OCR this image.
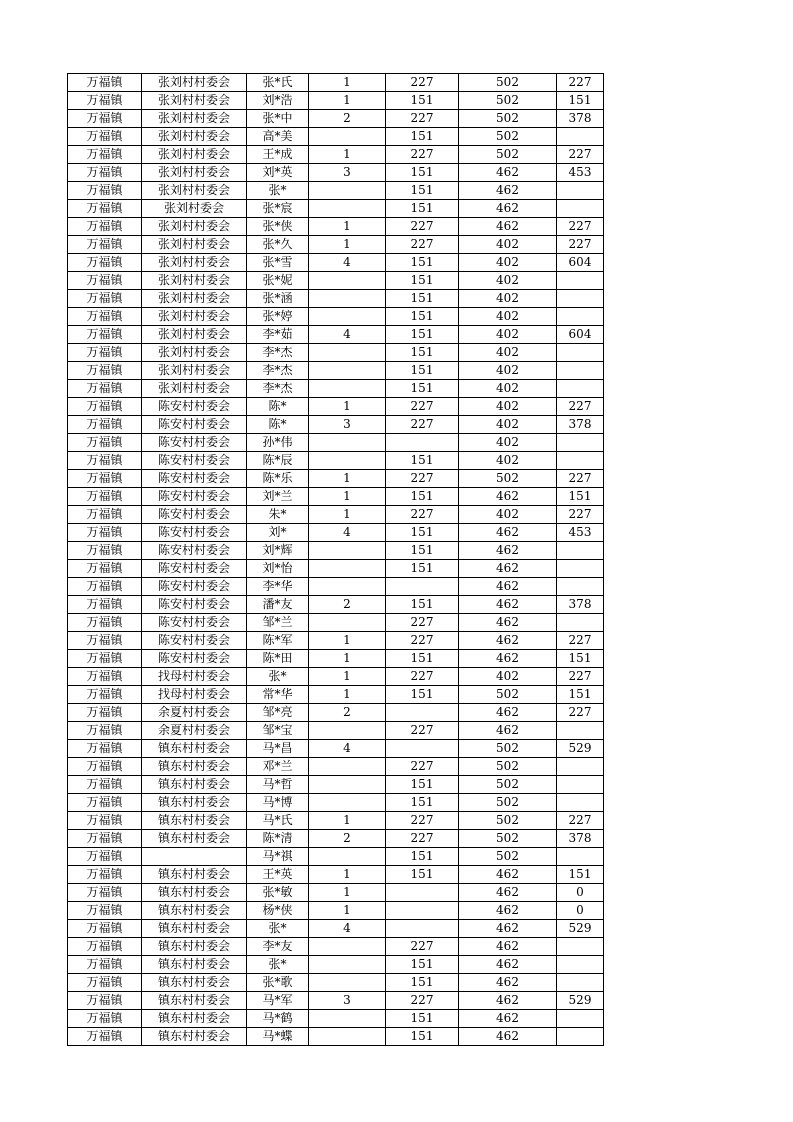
万福镇	张刘村村委会	张*氏	1	227	502	227
万福镇	张刘村村委会	刘*浩	1	151	502	151
万福镇	张刘村村委会	张*中	2	227	502	378
万福镇	张刘村村委会	高*美		151	502	
万福镇	张刘村村委会	王*成	1	227	502	227
万福镇	张刘村村委会	刘*英	3	151	462	453
万福镇	张刘村村委会	张*		151	462	
万福镇	张刘村委会	张*宸		151	462	
万福镇	张刘村村委会	张*侠	1	227	462	227
万福镇	张刘村村委会	张*久	1	227	402	227
万福镇	张刘村村委会	张*雪	4	151	402	604
万福镇	张刘村村委会	张*妮		151	402	
万福镇	张刘村村委会	张*涵		151	402	
万福镇	张刘村村委会	张*婷		151	402	
万福镇	张刘村村委会	李*茹	4	151	402	604
万福镇	张刘村村委会	李*杰		151	402	
万福镇	张刘村村委会	李*杰		151	402	
万福镇	张刘村村委会	李*杰		151	402	
万福镇	陈安村村委会	陈*	1	227	402	227
万福镇	陈安村村委会	陈*	3	227	402	378
万福镇	陈安村村委会	孙*伟			402	
万福镇	陈安村村委会	陈*辰		151	402	
万福镇	陈安村村委会	陈*乐	1	227	502	227
万福镇	陈安村村委会	刘*兰	1	151	462	151
万福镇	陈安村村委会	朱*	1	227	402	227
万福镇	陈安村村委会	刘*	4	151	462	453
万福镇	陈安村村委会	刘*辉		151	462	
万福镇	陈安村村委会	刘*怡		151	462	
万福镇	陈安村村委会	李*华			462	
万福镇	陈安村村委会	潘*友	2	151	462	378
万福镇	陈安村村委会	邹*兰		227	462	
万福镇	陈安村村委会	陈*军	1	227	462	227
万福镇	陈安村村委会	陈*田	1	151	462	151
万福镇	找母村村委会	张*	1	227	402	227
万福镇	找母村村委会	常*华	1	151	502	151
万福镇	余夏村村委会	邹*亮	2		462	227
万福镇	余夏村村委会	邹*宝		227	462	
万福镇	镇东村村委会	马*昌	4		502	529
万福镇	镇东村村委会	邓*兰		227	502	
万福镇	镇东村村委会	马*哲		151	502	
万福镇	镇东村村委会	马*博		151	502	
万福镇	镇东村村委会	马*氏	1	227	502	227
万福镇	镇东村村委会	陈*清	2	227	502	378
万福镇		马*祺		151	502	
万福镇	镇东村村委会	王*英	1	151	462	151
万福镇	镇东村村委会	张*敏	1		462	0
万福镇	镇东村村委会	杨*侠	1		462	0
万福镇	镇东村村委会	张*	4		462	529
万福镇	镇东村村委会	李*友		227	462	
万福镇	镇东村村委会	张*		151	462	
万福镇	镇东村村委会	张*歌		151	462	
万福镇	镇东村村委会	马*军	3	227	462	529
万福镇	镇东村村委会	马*鹤		151	462	
万福镇	镇东村村委会	马*蝶		151	462	
